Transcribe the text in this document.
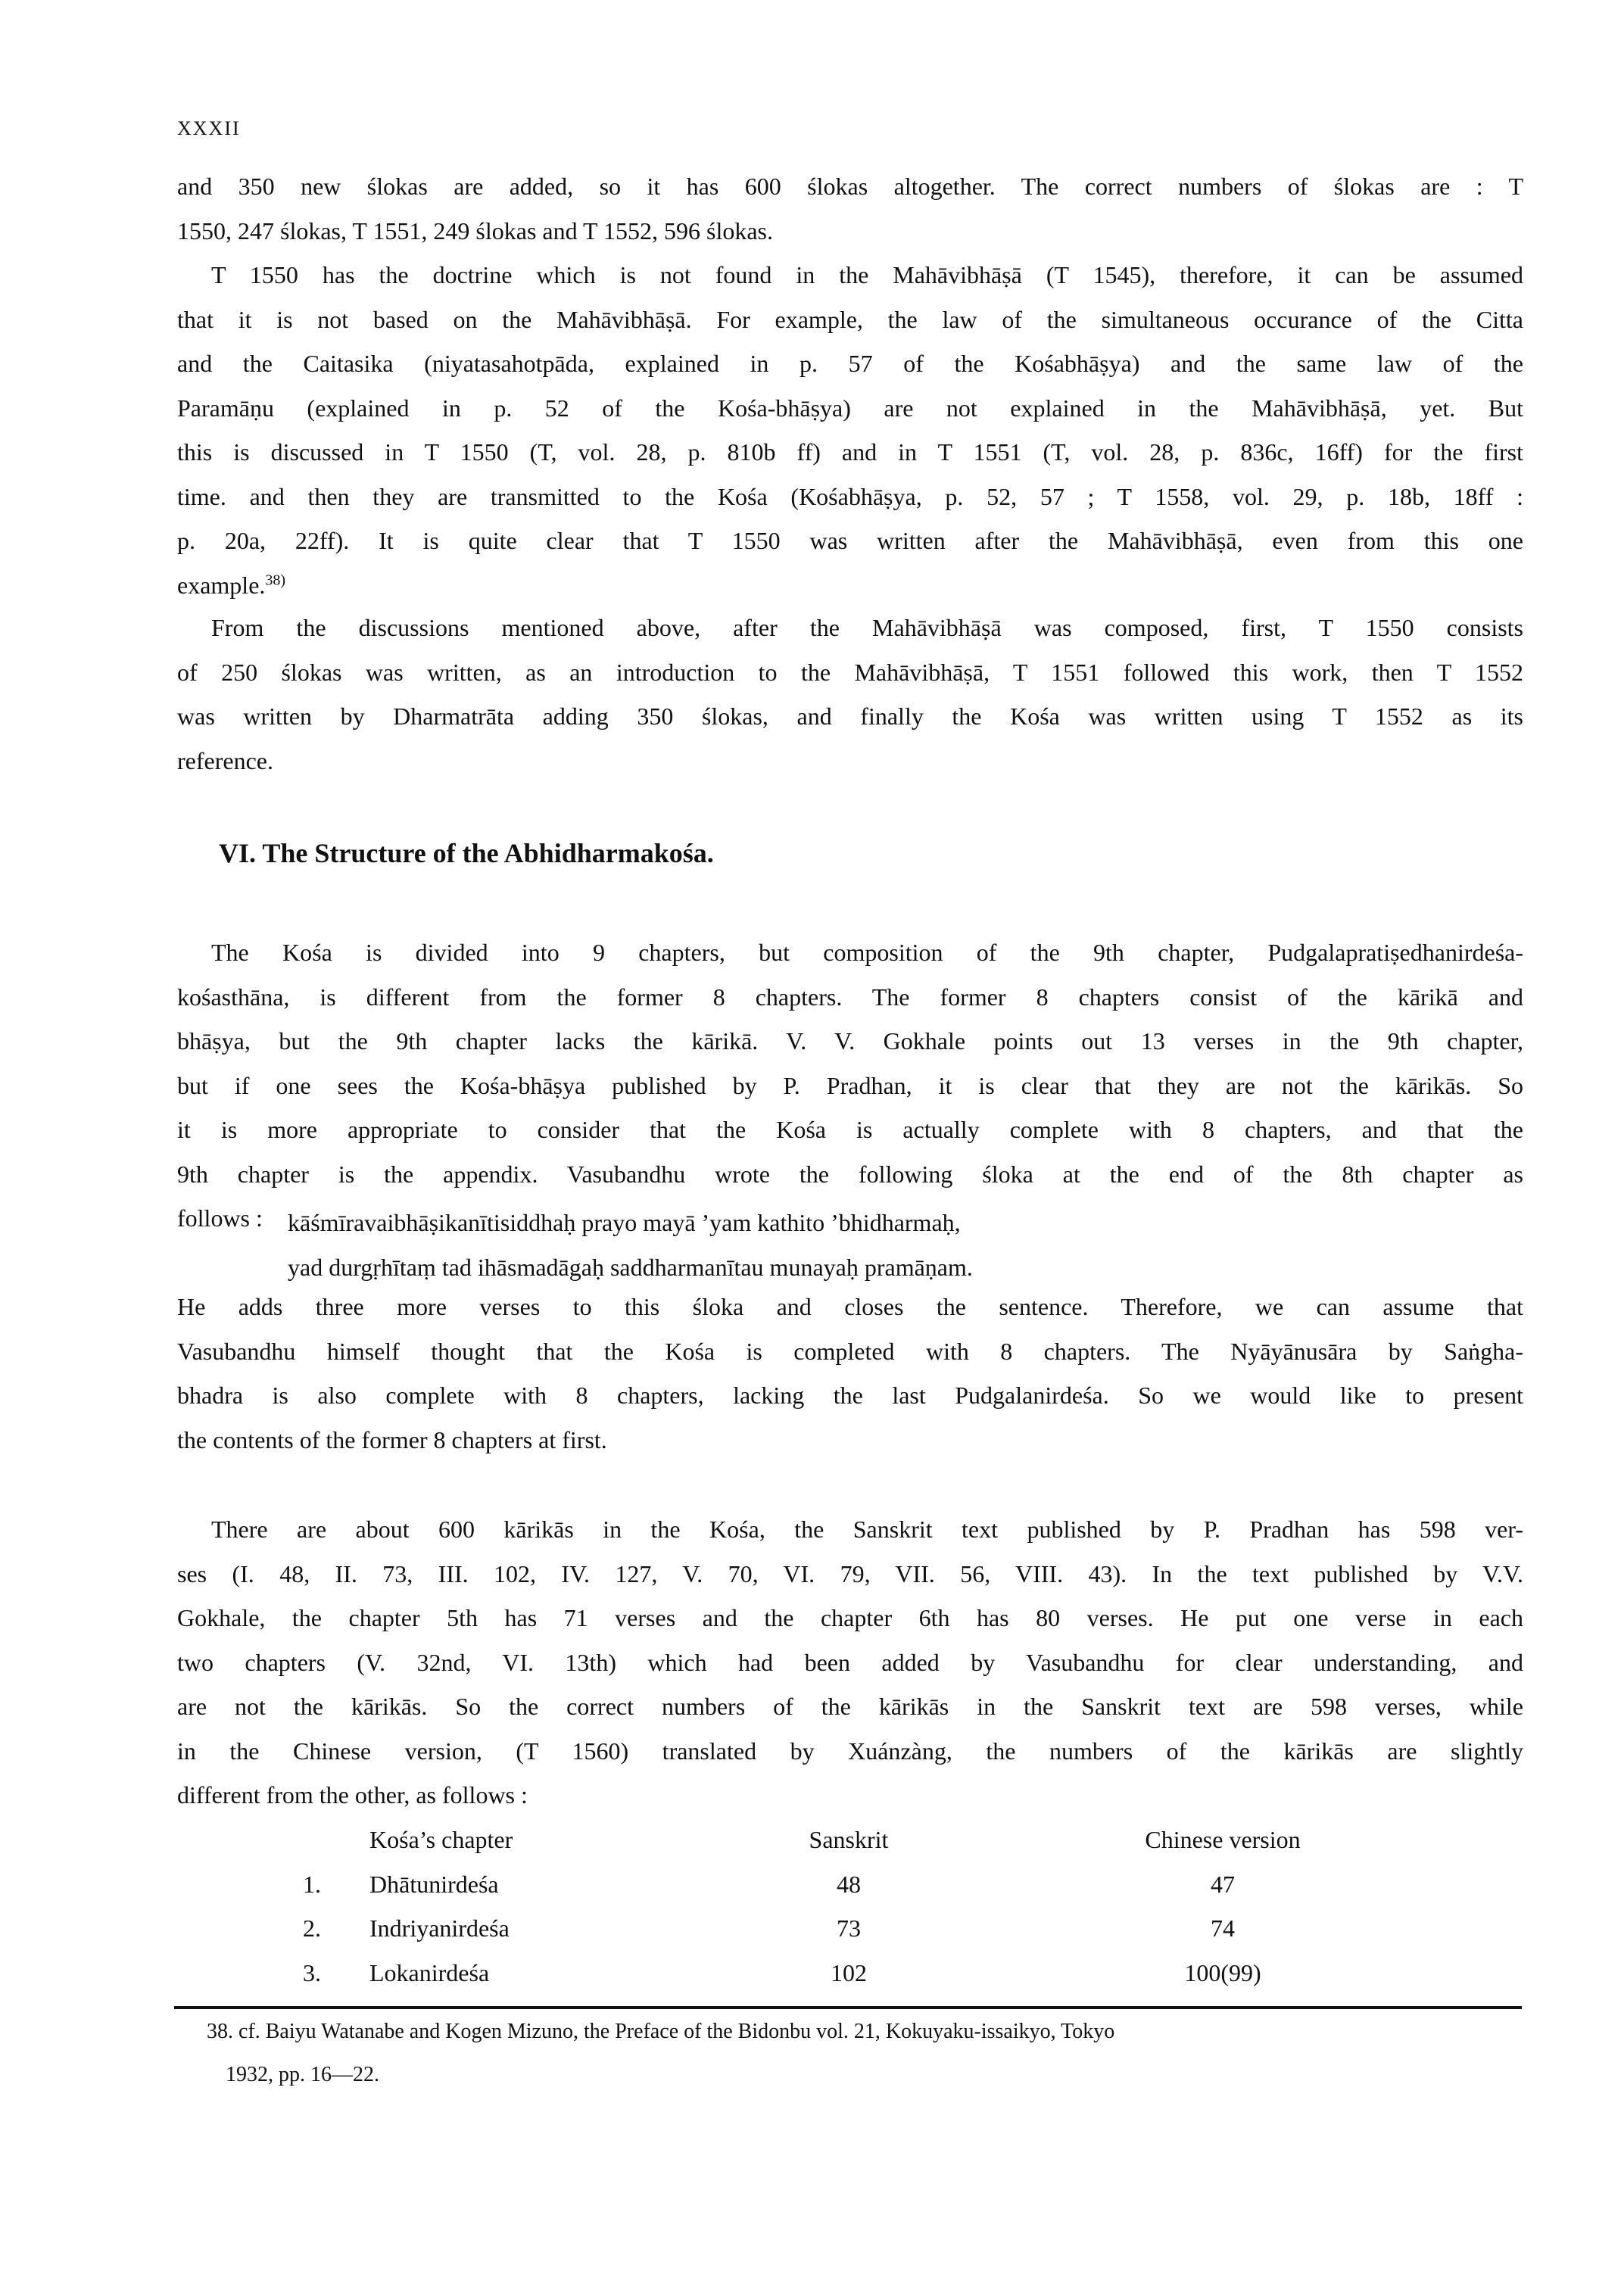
XXXII
and 350 new ślokas are added, so it has 600 ślokas altogether. The correct numbers of ślokas are : T
1550, 247 ślokas, T 1551, 249 ślokas and T 1552, 596 ślokas.
T 1550 has the doctrine which is not found in the Mahāvibhāṣā (T 1545), therefore, it can be assumed
that it is not based on the Mahāvibhāṣā. For example, the law of the simultaneous occurance of the Citta
and the Caitasika (niyatasahotpāda, explained in p. 57 of the Kośabhāṣya) and the same law of the
Paramāṇu (explained in p. 52 of the Kośa-bhāṣya) are not explained in the Mahāvibhāṣā, yet. But
this is discussed in T 1550 (T, vol. 28, p. 810b ff) and in T 1551 (T, vol. 28, p. 836c, 16ff) for the first
time. and then they are transmitted to the Kośa (Kośabhāṣya, p. 52, 57 ; T 1558, vol. 29, p. 18b, 18ff :
p. 20a, 22ff). It is quite clear that T 1550 was written after the Mahāvibhāṣā, even from this one
example.$^{38)}$
From the discussions mentioned above, after the Mahāvibhāṣā was composed, first, T 1550 consists
of 250 ślokas was written, as an introduction to the Mahāvibhāṣā, T 1551 followed this work, then T 1552
was written by Dharmatrāta adding 350 ślokas, and finally the Kośa was written using T 1552 as its
reference.
VI. The Structure of the Abhidharmakośa.
The Kośa is divided into 9 chapters, but composition of the 9th chapter, Pudgalapratiṣedhanirdeśa-
kośasthāna, is different from the former 8 chapters. The former 8 chapters consist of the kārikā and
bhāṣya, but the 9th chapter lacks the kārikā. V. V. Gokhale points out 13 verses in the 9th chapter,
but if one sees the Kośa-bhāṣya published by P. Pradhan, it is clear that they are not the kārikās. So
it is more appropriate to consider that the Kośa is actually complete with 8 chapters, and that the
9th chapter is the appendix. Vasubandhu wrote the following śloka at the end of the 8th chapter as
follows :	kāśmīravaibhāṣikanītisiddhaḥ prayo mayā ’yam kathito ’bhidharmaḥ,
yad durgṛhītaṃ tad ihāsmadāgaḥ saddharmanītau munayaḥ pramāṇam.
He adds three more verses to this śloka and closes the sentence. Therefore, we can assume that
Vasubandhu himself thought that the Kośa is completed with 8 chapters. The Nyāyānusāra by Saṅgha-
bhadra is also complete with 8 chapters, lacking the last Pudgalanirdeśa. So we would like to present
the contents of the former 8 chapters at first.
There are about 600 kārikās in the Kośa, the Sanskrit text published by P. Pradhan has 598 ver-
ses (I. 48, II. 73, III. 102, IV. 127, V. 70, VI. 79, VII. 56, VIII. 43). In the text published by V.V.
Gokhale, the chapter 5th has 71 verses and the chapter 6th has 80 verses. He put one verse in each
two chapters (V. 32nd, VI. 13th) which had been added by Vasubandhu for clear understanding, and
are not the kārikās. So the correct numbers of the kārikās in the Sanskrit text are 598 verses, while
in the Chinese version, (T 1560) translated by Xuánzàng, the numbers of the kārikās are slightly
different from the other, as follows :
Kośa’s chapter	Sanskrit	Chinese version
1. Dhātunirdeśa	48	47
2. Indriyanirdeśa	73	74
3. Lokanirdeśa	102	100(99)
38. cf. Baiyu Watanabe and Kogen Mizuno, the Preface of the Bidonbu vol. 21, Kokuyaku-issaikyo, Tokyo
1932, pp. 16—22.
